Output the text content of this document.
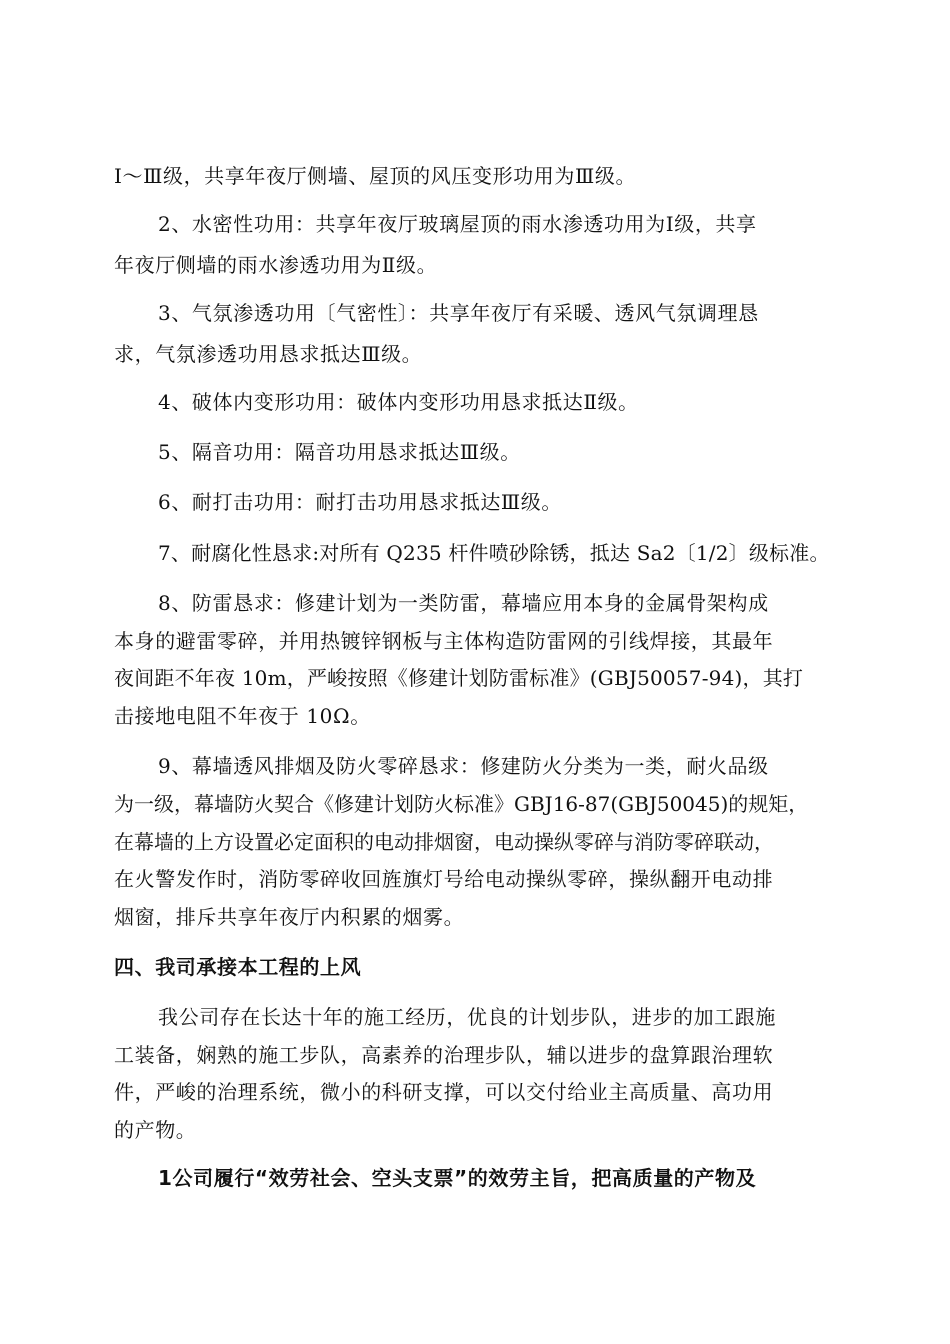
Ⅰ～Ⅲ级，共享年夜厅侧墙、屋顶的风压变形功用为Ⅲ级。
2、水密性功用：共享年夜厅玻璃屋顶的雨水渗透功用为Ⅰ级，共享
年夜厅侧墙的雨水渗透功用为Ⅱ级。
3、气氛渗透功用〔气密性〕：共享年夜厅有采暖、透风气氛调理恳
求，气氛渗透功用恳求抵达Ⅲ级。
4、破体内变形功用：破体内变形功用恳求抵达Ⅱ级。
5、隔音功用：隔音功用恳求抵达Ⅲ级。
6、耐打击功用：耐打击功用恳求抵达Ⅲ级。
7、耐腐化性恳求:对所有 Q235 杆件喷砂除锈，抵达 Sa2〔1/2〕级标准。
8、防雷恳求：修建计划为一类防雷，幕墙应用本身的金属骨架构成
本身的避雷零碎，并用热镀锌钢板与主体构造防雷网的引线焊接，其最年
夜间距不年夜 10m，严峻按照《修建计划防雷标准》(GBJ50057-94)，其打
击接地电阻不年夜于 10Ω。
9、幕墙透风排烟及防火零碎恳求：修建防火分类为一类，耐火品级
为一级，幕墙防火契合《修建计划防火标准》GBJ16-87(GBJ50045)的规矩，
在幕墙的上方设置必定面积的电动排烟窗，电动操纵零碎与消防零碎联动，
在火警发作时，消防零碎收回旌旗灯号给电动操纵零碎，操纵翻开电动排
烟窗，排斥共享年夜厅内积累的烟雾。
四、我司承接本工程的上风
我公司存在长达十年的施工经历，优良的计划步队，进步的加工跟施
工装备，娴熟的施工步队，高素养的治理步队，辅以进步的盘算跟治理软
件，严峻的治理系统，微小的科研支撑，可以交付给业主高质量、高功用
的产物。
1公司履行“效劳社会、空头支票”的效劳主旨，把高质量的产物及
